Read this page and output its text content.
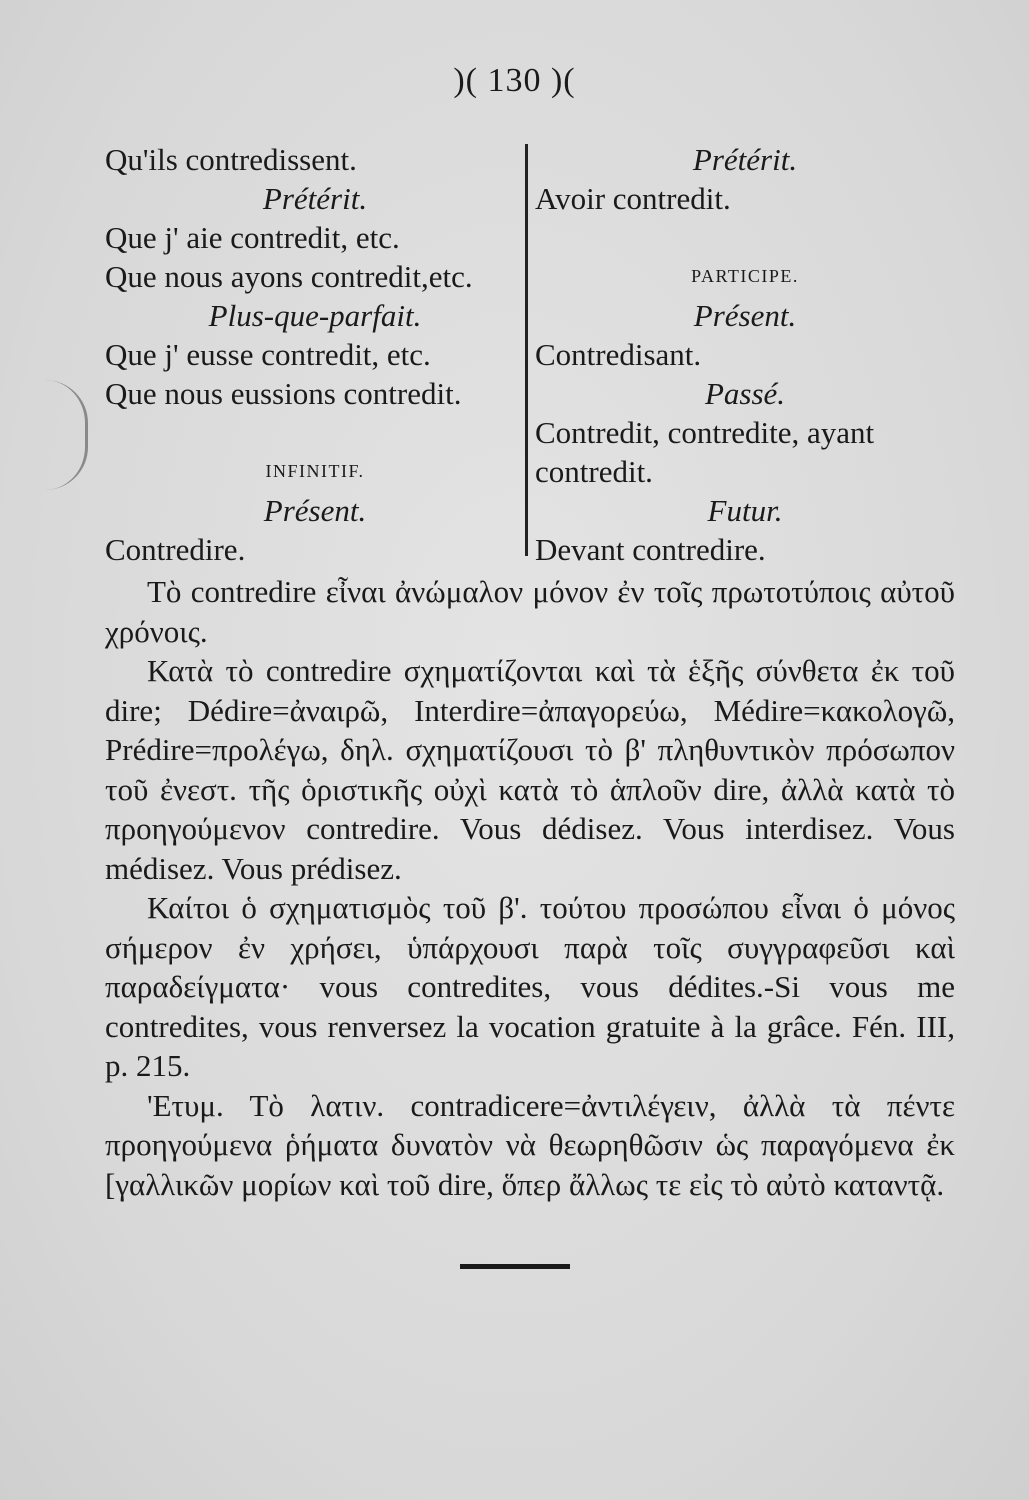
)( 130 )(
Qu'ils contredissent.
Prétérit.
Que j' aie contredit, etc.
Que nous ayons contredit,etc.
Plus-que-parfait.
Que j' eusse contredit, etc.
Que nous eussions contredit.
INFINITIF.
Présent.
Contredire.
Prétérit.
Avoir contredit.
PARTICIPE.
Présent.
Contredisant.
Passé.
Contredit, contredite, ayant
contredit.
Futur.
Devant contredire.

Τὸ contredire εἶναι ἀνώμαλον μόνον ἐν τοῖς πρωτοτύποις αὐτοῦ χρόνοις.

Κατὰ τὸ contredire σχηματίζονται καὶ τὰ ἑξῆς σύνθετα ἐκ τοῦ dire; Dédire=ἀναιρῶ, Interdire=ἀπαγορεύω, Médire=κακολογῶ, Prédire=προλέγω, δηλ. σχηματίζουσι τὸ β' πληθυντικὸν πρόσωπον τοῦ ἐνεστ. τῆς ὁριστικῆς οὐχὶ κατὰ τὸ ἁπλοῦν dire, ἀλλὰ κατὰ τὸ προηγούμενον contredire. Vous dédisez. Vous interdisez. Vous médisez. Vous prédisez.

Καίτοι ὁ σχηματισμὸς τοῦ β'. τούτου προσώπου εἶναι ὁ μόνος σήμερον ἐν χρήσει, ὑπάρχουσι παρὰ τοῖς συγγραφεῦσι καὶ παραδείγματα· vous contredites, vous dédites.-Si vous me contredites, vous renversez la vocation gratuite à la grâce. Fén. III, p. 215.

'Ετυμ. Τὸ λατιν. contradicere=ἀντιλέγειν, ἀλλὰ τὰ πέντε προηγούμενα ῥήματα δυνατὸν νὰ θεωρηθῶσιν ὡς παραγόμενα ἐκ [γαλλικῶν μορίων καὶ τοῦ dire, ὅπερ ἄλλως τε εἰς τὸ αὐτὸ καταντᾷ.
